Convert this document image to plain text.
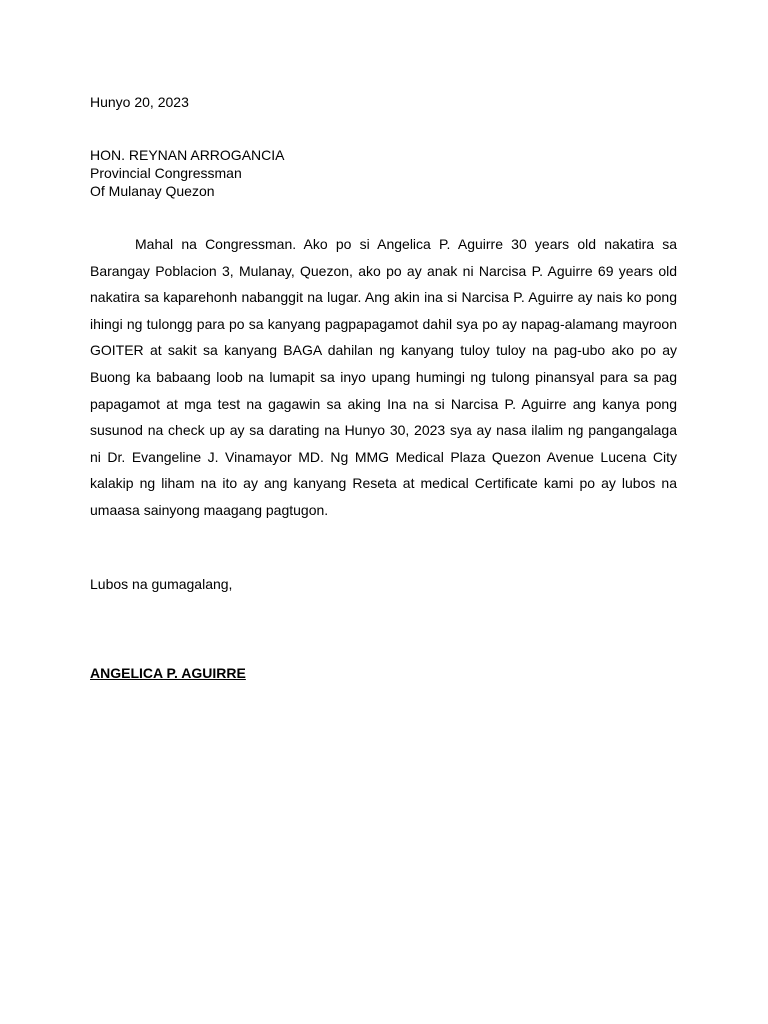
Hunyo 20, 2023
HON. REYNAN ARROGANCIA
Provincial Congressman
Of Mulanay Quezon

Mahal na Congressman. Ako po si Angelica P. Aguirre 30 years old nakatira sa Barangay Poblacion 3, Mulanay, Quezon, ako po ay anak ni Narcisa P. Aguirre 69 years old nakatira sa kaparehonh nabanggit na lugar. Ang akin ina si Narcisa P. Aguirre ay nais ko pong ihingi ng tulongg para po sa kanyang pagpapagamot dahil sya po ay napag-alamang mayroon GOITER at sakit sa kanyang BAGA dahilan ng kanyang tuloy tuloy na pag-ubo ako po ay Buong ka babaang loob na lumapit sa inyo upang humingi ng tulong pinansyal para sa pag papagamot at mga test na gagawin sa aking Ina na si Narcisa P. Aguirre ang kanya pong susunod na check up ay sa darating na Hunyo 30, 2023 sya ay nasa ilalim ng pangangalaga ni Dr. Evangeline J. Vinamayor MD. Ng MMG Medical Plaza Quezon Avenue Lucena City kalakip ng liham na ito ay ang kanyang Reseta at medical Certificate kami po ay lubos na umaasa sainyong maagang pagtugon.

Lubos na gumagalang,
ANGELICA P. AGUIRRE
